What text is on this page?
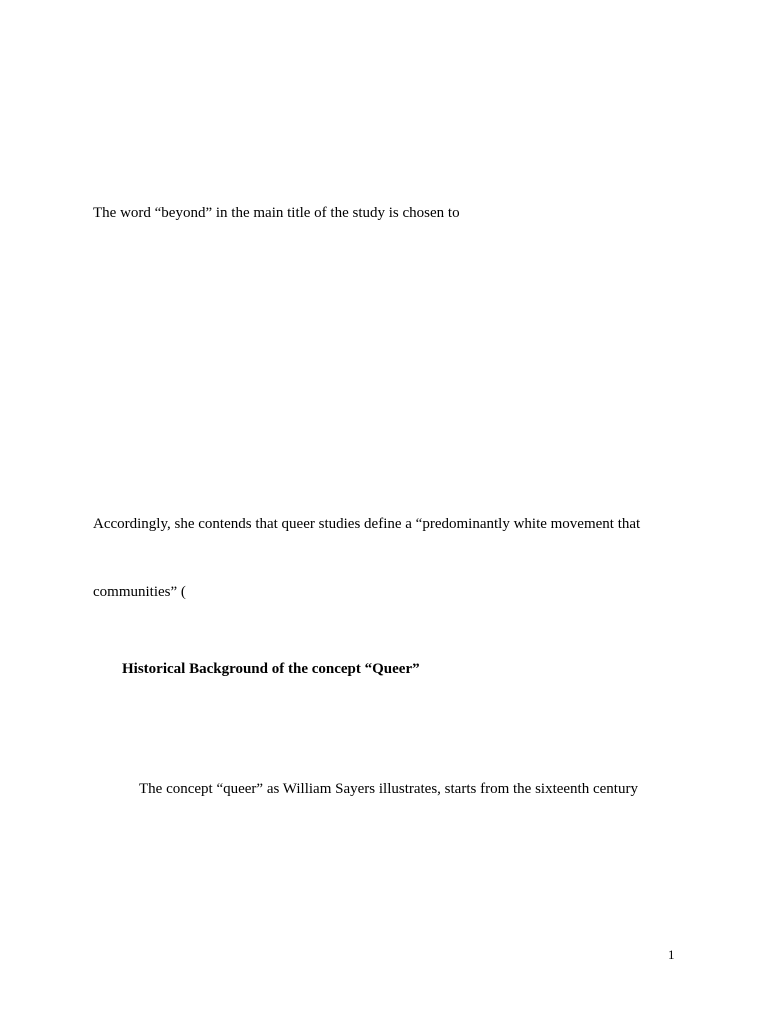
The word “beyond” in the main title of the study is chosen to
Accordingly, she contends that queer studies define a “predominantly white movement that
communities” (
Historical Background of the concept “Queer”
The concept “queer” as William Sayers illustrates, starts from the sixteenth century
1
